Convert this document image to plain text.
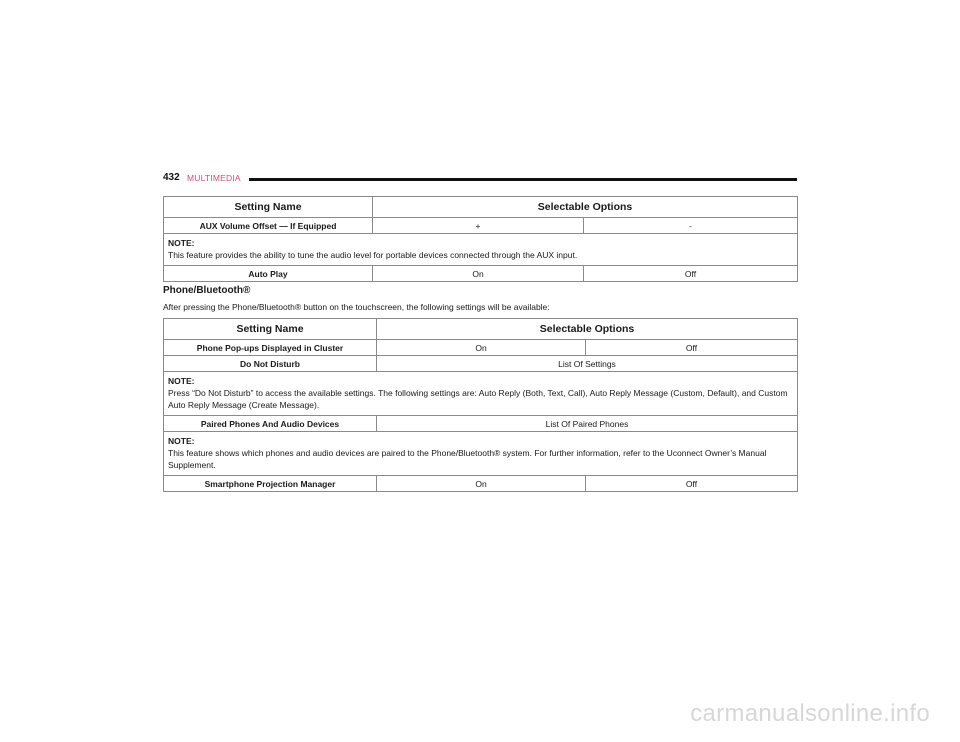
432 MULTIMEDIA
Setting Name	Selectable Options	
AUX Volume Offset — If Equipped	+	-

NOTE:
This feature provides the ability to tune the audio level for portable devices connected through the AUX input.		
Auto Play	On	Off
Phone/Bluetooth®
After pressing the Phone/Bluetooth® button on the touchscreen, the following settings will be available:
Setting Name	Selectable Options	
Phone Pop-ups Displayed in Cluster	On	Off
Do Not Disturb	List Of Settings	

NOTE:
Press “Do Not Disturb” to access the available settings. The following settings are: Auto Reply (Both, Text, Call), Auto Reply Message (Custom, Default), and Custom Auto Reply Message (Create Message).		
Paired Phones And Audio Devices	List Of Paired Phones	

NOTE:
This feature shows which phones and audio devices are paired to the Phone/Bluetooth® system. For further information, refer to the Uconnect Owner’s Manual Supplement.		
Smartphone Projection Manager	On	Off
carmanualsonline.info
